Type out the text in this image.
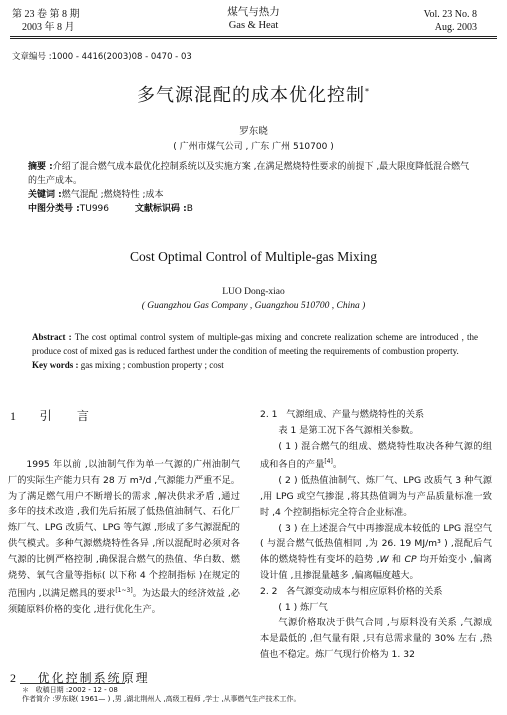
第 23 卷 第 8 期
2003 年 8 月
煤气与热力
Gas & Heat
Vol. 23 No. 8
Aug. 2003
文章编号 :1000 - 4416(2003)08 - 0470 - 03
多气源混配的成本优化控制*
罗东晓
( 广州市煤气公司 , 广东 广州 510700 )

摘要 :介绍了混合燃气成本最优化控制系统以及实施方案 ,在满足燃烧特性要求的前提下 ,最大限度降低混合燃气的生产成本。

关键词 :燃气混配 ;燃烧特性 ;成本

中图分类号 :TU996	文献标识码 :B

Cost Optimal Control of Multiple-gas Mixing
LUO Dong-xiao
( Guangzhou Gas Company , Guangzhou 510700 , China )

Abstract : The cost optimal control system of multiple-gas mixing and concrete realization scheme are introduced , the produce cost of mixed gas is reduced farthest under the condition of meeting the requirements of combustion property.

Key words : gas mixing ; combustion property ; cost

1 引    言

1995 年以前 ,以油制气作为单一气源的广州油制气厂的实际生产能力只有 28 万 m³/d ,气源能力严重不足。为了满足燃气用户不断增长的需求 ,解决供求矛盾 ,通过多年的技术改造 ,我们先后拓展了低热值油制气、石化厂炼厂气、LPG 改质气、LPG 等气源 ,形成了多气源混配的供气模式。多种气源燃烧特性各异 ,所以混配时必须对各气源的比例严格控制 ,确保混合燃气的热值、华白数、燃烧势、氧气含量等指标( 以下称 4 个控制指标 )在规定的范围内 ,以满足燃具的要求[1~3]。为达最大的经济效益 ,必须随原料价格的变化 ,进行优化生产。

2 优化控制系统原理

2. 1   气源组成、产量与燃烧特性的关系

表 1 是第工况下各气源相关参数。

( 1 ) 混合燃气的组成、燃烧特性取决各种气源的组成和各自的产量[4]。

( 2 ) 低热值油制气、炼厂气、LPG 改质气 3 种气源 ,用 LPG 或空气掺混 ,将其热值调为与产品质量标准一致时 ,4 个控制指标完全符合企业标准。

( 3 ) 在上述混合气中再掺混成本较低的 LPG 混空气( 与混合燃气低热值相同 ,为 26. 19 MJ/m³ ) ,混配后气体的燃烧特性有变坏的趋势 ,W 和 CP 均开始变小 ,偏离设计值 ,且掺混量越多 ,偏离幅度越大。

2. 2   各气源变动成本与相应原料价格的关系

( 1 ) 炼厂气

气源价格取决于供气合同 ,与原料没有关系 ,气源成本是最低的 ,但气量有限 ,只有总需求量的 30% 左右 ,热值也不稳定。炼厂气现行价格为 1. 32

＊   收稿日期 :2002 - 12 - 08
作者简介 :罗东晓( 1961— ) ,男 ,湖北荆州人 ,高级工程师 ,学士 ,从事燃气生产技术工作。
